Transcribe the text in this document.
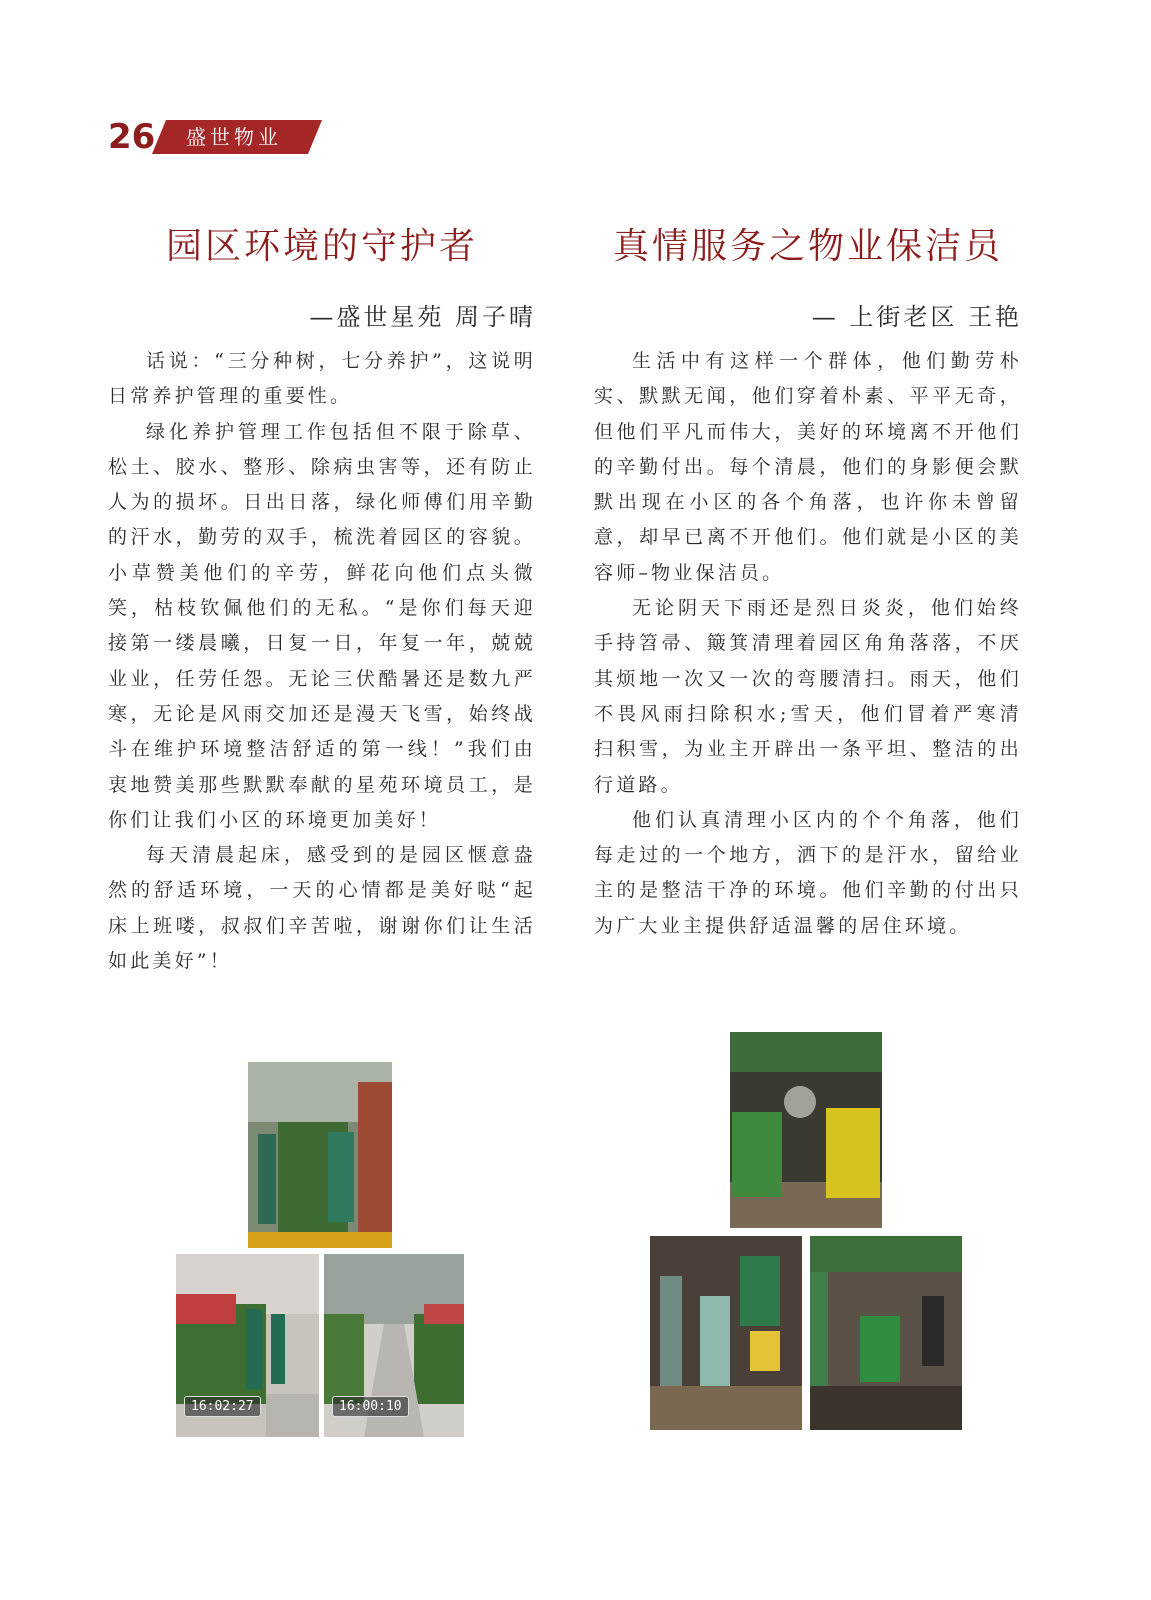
26 盛世物业
园区环境的守护者
—盛世星苑 周子晴

话说：“三分种树，七分养护”，这说明日常养护管理的重要性。

绿化养护管理工作包括但不限于除草、松土、胶水、整形、除病虫害等，还有防止人为的损坏。日出日落，绿化师傅们用辛勤的汗水，勤劳的双手，梳洗着园区的容貌。小草赞美他们的辛劳，鲜花向他们点头微笑，枯枝钦佩他们的无私。“是你们每天迎接第一缕晨曦，日复一日，年复一年，兢兢业业，任劳任怨。无论三伏酷暑还是数九严寒，无论是风雨交加还是漫天飞雪，始终战斗在维护环境整洁舒适的第一线！”我们由衷地赞美那些默默奉献的星苑环境员工，是你们让我们小区的环境更加美好！

每天清晨起床，感受到的是园区惬意盎然的舒适环境，一天的心情都是美好哒“起床上班喽，叔叔们辛苦啦，谢谢你们让生活如此美好”！

真情服务之物业保洁员
— 上街老区 王艳

生活中有这样一个群体，他们勤劳朴实、默默无闻，他们穿着朴素、平平无奇，但他们平凡而伟大，美好的环境离不开他们的辛勤付出。每个清晨，他们的身影便会默默出现在小区的各个角落，也许你未曾留意，却早已离不开他们。他们就是小区的美容师–物业保洁员。

无论阴天下雨还是烈日炎炎，他们始终手持笤帚、簸箕清理着园区角角落落，不厌其烦地一次又一次的弯腰清扫。雨天，他们不畏风雨扫除积水;雪天，他们冒着严寒清扫积雪，为业主开辟出一条平坦、整洁的出行道路。

他们认真清理小区内的个个角落，他们每走过的一个地方，洒下的是汗水，留给业主的是整洁干净的环境。他们辛勤的付出只为广大业主提供舒适温馨的居住环境。

16:02:27	16:00:10
